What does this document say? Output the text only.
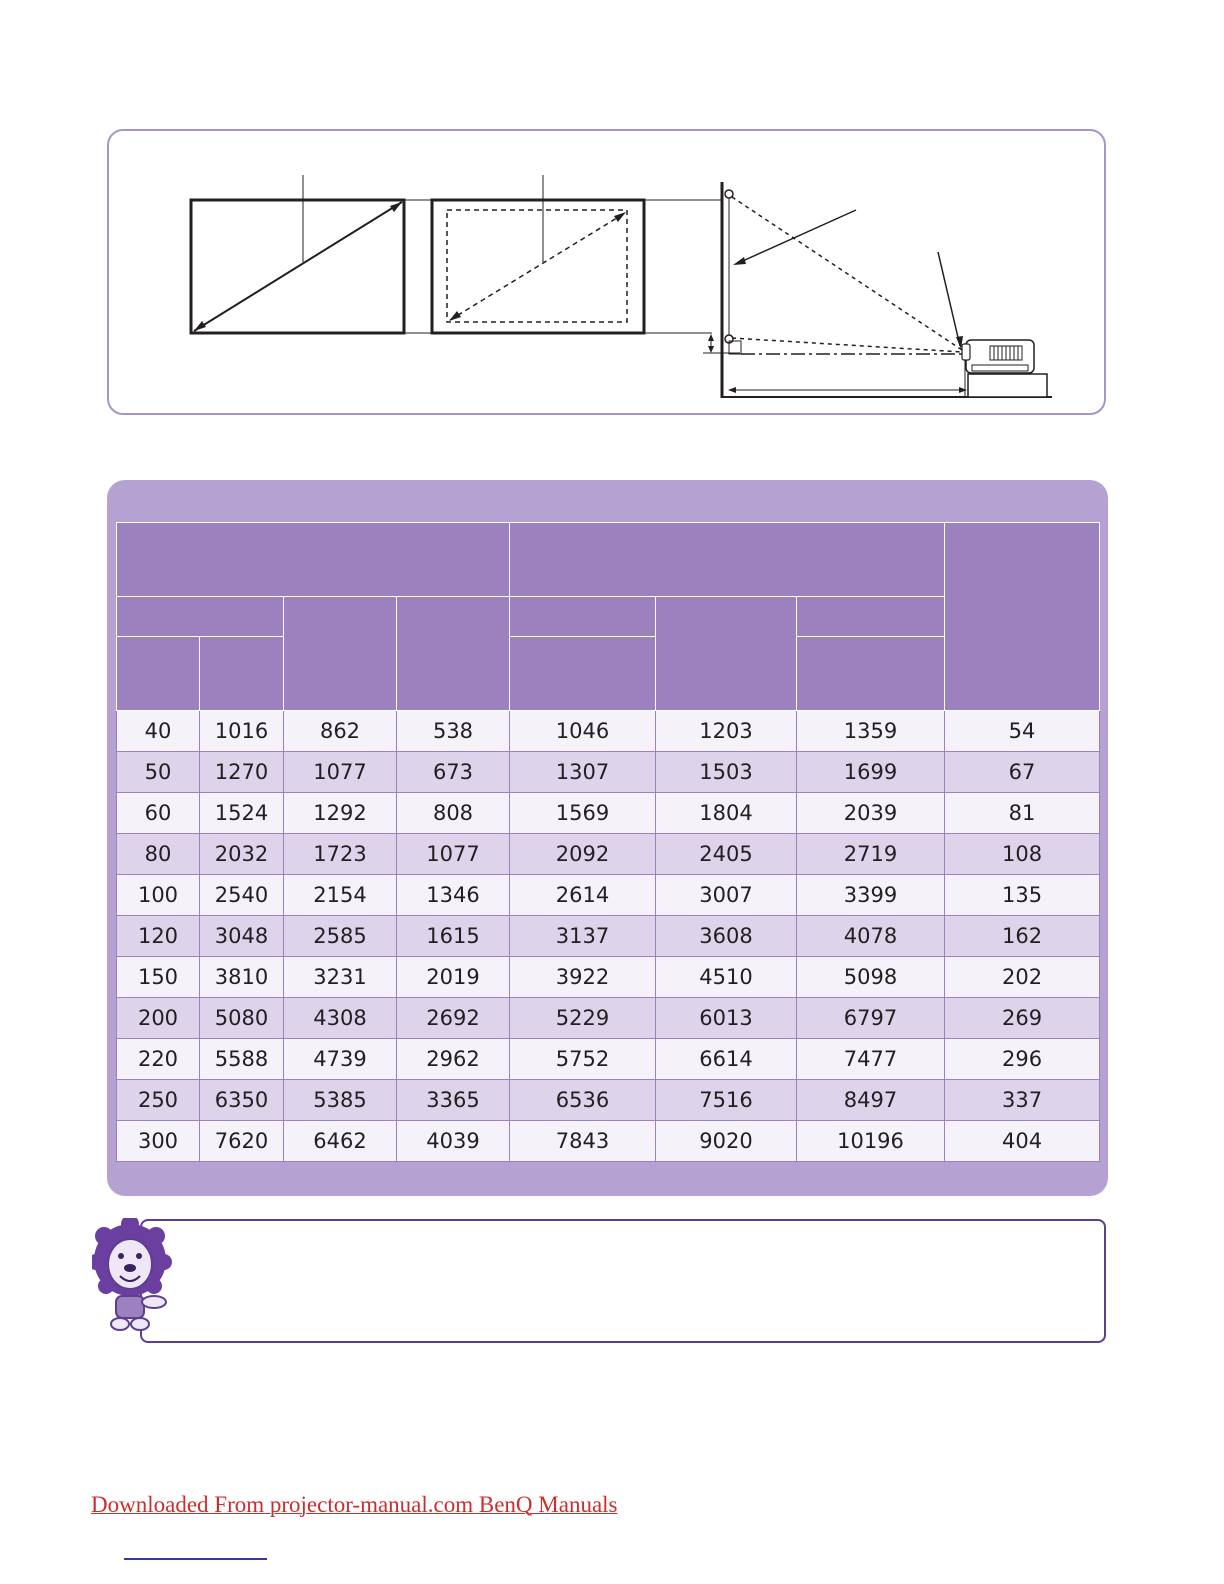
40	1016	862	538	1046	1203	1359	54
50	1270	1077	673	1307	1503	1699	67
60	1524	1292	808	1569	1804	2039	81
80	2032	1723	1077	2092	2405	2719	108
100	2540	2154	1346	2614	3007	3399	135
120	3048	2585	1615	3137	3608	4078	162
150	3810	3231	2019	3922	4510	5098	202
200	5080	4308	2692	5229	6013	6797	269
220	5588	4739	2962	5752	6614	7477	296
250	6350	5385	3365	6536	7516	8497	337
300	7620	6462	4039	7843	9020	10196	404
Downloaded From projector-manual.com BenQ Manuals
